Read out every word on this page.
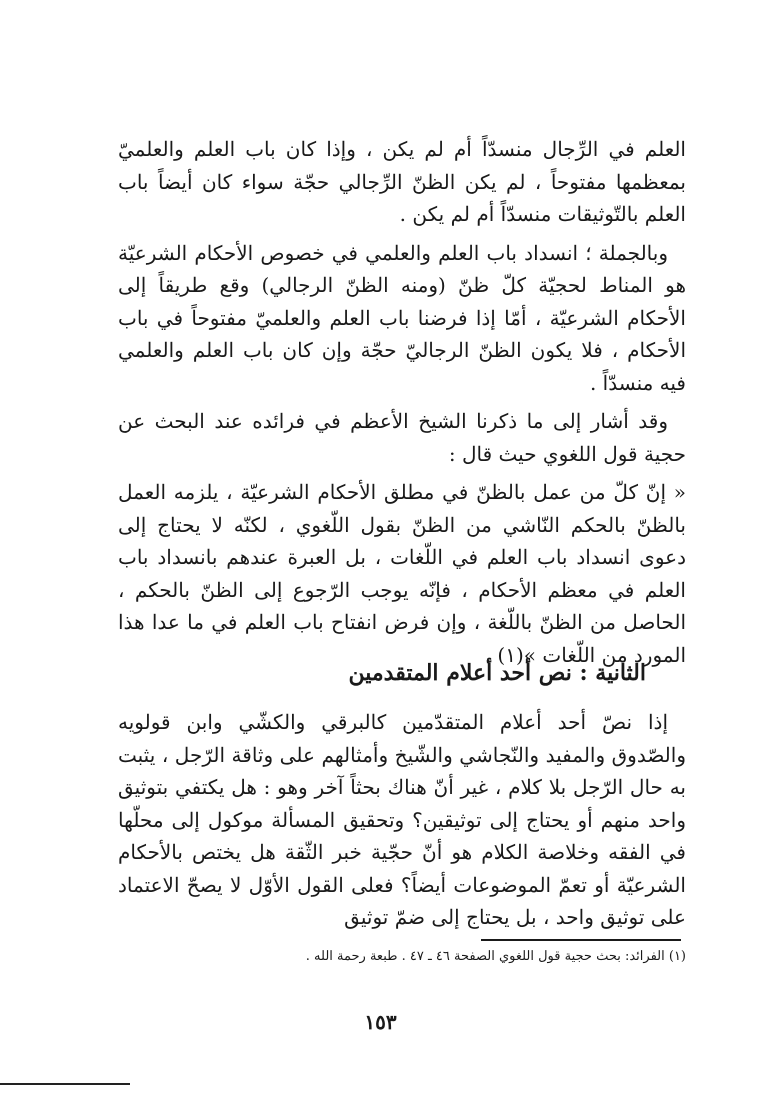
العلم في الرِّجال منسدّاً أم لم يكن ، وإذا كان باب العلم والعلميّ بمعظمها مفتوحاً ، لم يكن الظنّ الرِّجالي حجّة سواء كان أيضاً باب العلم بالتّوثيقات منسدّاً أم لم يكن .

وبالجملة ؛ انسداد باب العلم والعلمي في خصوص الأحكام الشرعيّة هو المناط لحجيّة كلّ ظنّ (ومنه الظنّ الرجالي) وقع طريقاً إلى الأحكام الشرعيّة ، أمّا إذا فرضنا باب العلم والعلميّ مفتوحاً في باب الأحكام ، فلا يكون الظنّ الرجاليّ حجّة وإن كان باب العلم والعلمي فيه منسدّاً .

وقد أشار إلى ما ذكرنا الشيخ الأعظم في فرائده عند البحث عن حجية قول اللغوي حيث قال :

« إنّ كلّ من عمل بالظنّ في مطلق الأحكام الشرعيّة ، يلزمه العمل بالظنّ بالحكم النّاشي من الظنّ بقول اللّغوي ، لكنّه لا يحتاج إلى دعوى انسداد باب العلم في اللّغات ، بل العبرة عندهم بانسداد باب العلم في معظم الأحكام ، فإنّه يوجب الرّجوع إلى الظنّ بالحكم ، الحاصل من الظنّ باللّغة ، وإن فرض انفتاح باب العلم في ما عدا هذا المورد من اللّغات »(١) .

الثانية : نص أحد أعلام المتقدمين

إذا نصّ أحد أعلام المتقدّمين كالبرقي والكشّي وابن قولويه والصّدوق والمفيد والنّجاشي والشّيخ وأمثالهم على وثاقة الرّجل ، يثبت به حال الرّجل بلا كلام ، غير أنّ هناك بحثاً آخر وهو : هل يكتفي بتوثيق واحد منهم أو يحتاج إلى توثيقين؟ وتحقيق المسألة موكول إلى محلّها في الفقه وخلاصة الكلام هو أنّ حجّية خبر الثّقة هل يختص بالأحكام الشرعيّة أو تعمّ الموضوعات أيضاً؟ فعلى القول الأوّل لا يصحّ الاعتماد على توثيق واحد ، بل يحتاج إلى ضمّ توثيق

(١) الفرائد: بحث حجية قول اللغوي الصفحة ٤٦ ـ ٤٧ . طبعة رحمة الله .
١٥٣
